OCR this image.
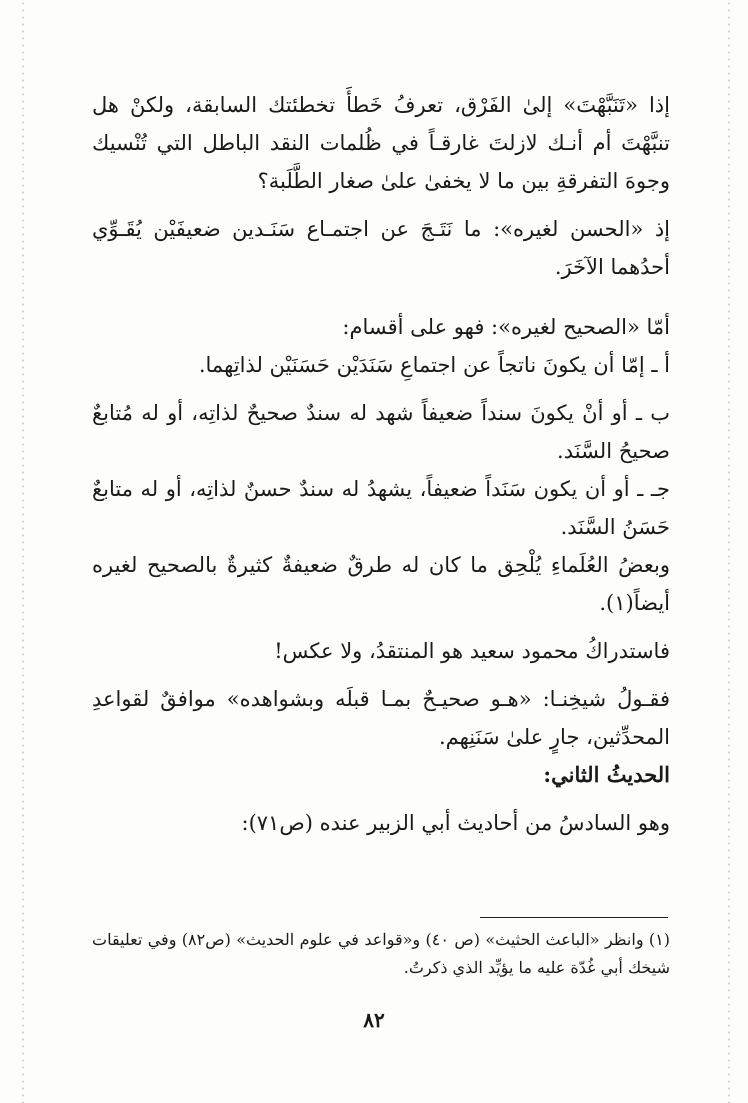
إذا «تَنَبَّهْتَ» إلىٰ الفَرْق، تعرفُ خَطأَ تخطئتك السابقة، ولكنْ هل تنبَّهْتَ أم أنـك لازلتَ غارقـاً في ظُلمات النقد الباطل التي تُنْسيك وجوهَ التفرقةِ بين ما لا يخفىٰ علىٰ صغار الطَّلَبة؟

إذ «الحسن لغيره»: ما نَتَـجَ عن اجتمـاع سَنَـدين ضعيفَيْن يُقَـوِّي أحدُهما الآخَرَ.

أمّا «الصحيح لغيره»: فهو على أقسام:

أ ـ إمّا أن يكونَ ناتجاً عن اجتماعِ سَنَدَيْن حَسَنَيْن لذاتِهما.

ب ـ أو أنْ يكونَ سنداً ضعيفاً شهد له سندٌ صحيحٌ لذاتِه، أو له مُتابعٌ صحيحُ السَّنَد.

جـ ـ أو أن يكون سَنَداً ضعيفاً، يشهدُ له سندٌ حسنٌ لذاتِه، أو له متابعٌ حَسَنُ السَّنَد.

وبعضُ العُلَماءِ يُلْحِق ما كان له طرقٌ ضعيفةٌ كثيرةٌ بالصحيح لغيره أيضاً(١).

فاستدراكُ محمود سعيد هو المنتقدُ، ولا عكس!

فقـولُ شيخِنـا: «هـو صحيـحٌ بمـا قبلَه وبشواهده» موافقٌ لقواعدِ المحدِّثين، جارٍ علىٰ سَنَنِهم.

الحديثُ الثاني:

وهو السادسُ من أحاديث أبي الزبير عنده (ص٧١):

(١) وانظر «الباعث الحثيث» (ص ٤٠) و«قواعد في علوم الحديث» (ص٨٢) وفي تعليقات شيخك أبي غُدّة عليه ما يؤيِّد الذي ذكرتُ.

٨٢
